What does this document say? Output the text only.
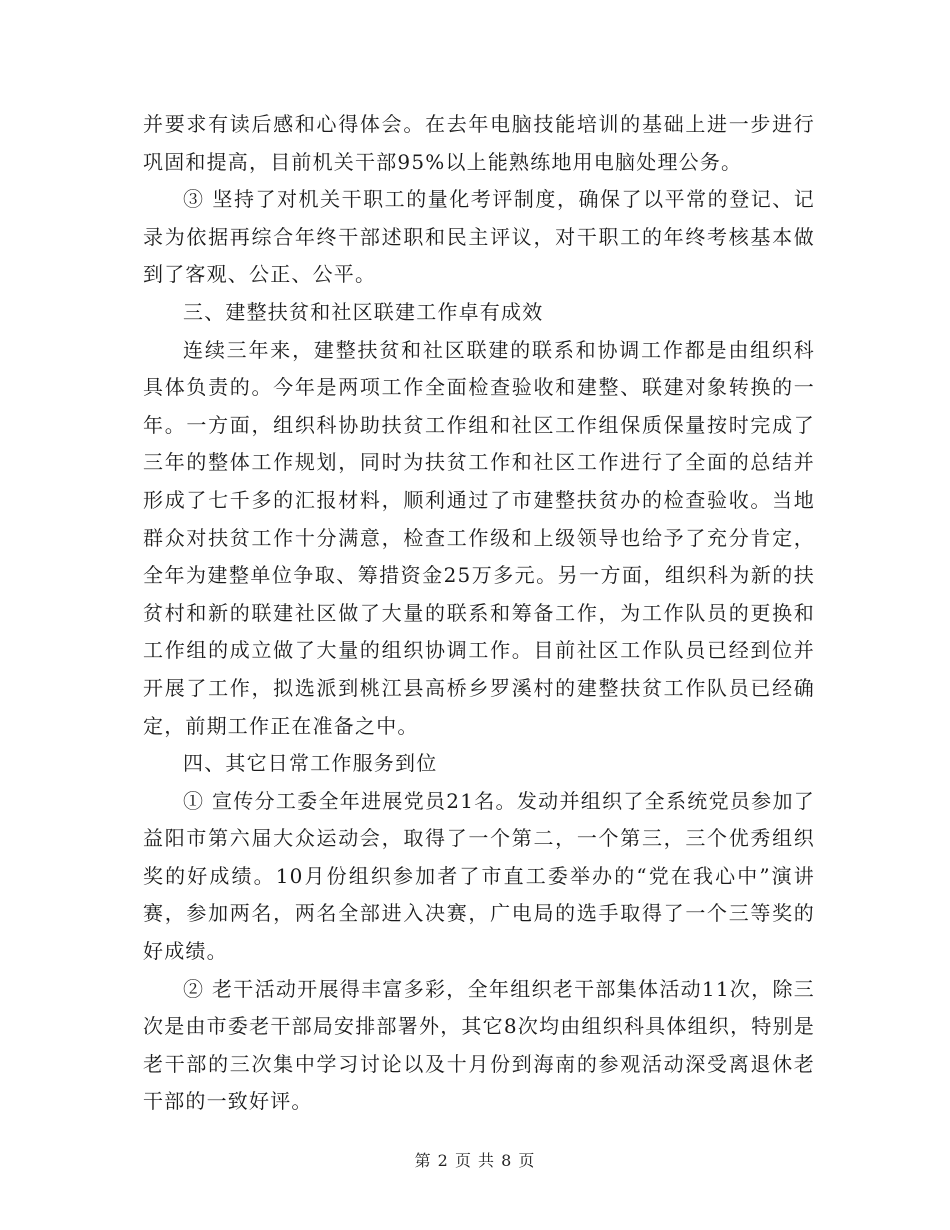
并要求有读后感和心得体会。在去年电脑技能培训的基础上进一步进行巩固和提高，目前机关干部95%以上能熟练地用电脑处理公务。

③ 坚持了对机关干职工的量化考评制度，确保了以平常的登记、记录为依据再综合年终干部述职和民主评议，对干职工的年终考核基本做到了客观、公正、公平。

三、建整扶贫和社区联建工作卓有成效

连续三年来，建整扶贫和社区联建的联系和协调工作都是由组织科具体负责的。今年是两项工作全面检查验收和建整、联建对象转换的一年。一方面，组织科协助扶贫工作组和社区工作组保质保量按时完成了三年的整体工作规划，同时为扶贫工作和社区工作进行了全面的总结并形成了七千多的汇报材料，顺利通过了市建整扶贫办的检查验收。当地群众对扶贫工作十分满意，检查工作级和上级领导也给予了充分肯定，全年为建整单位争取、筹措资金25万多元。另一方面，组织科为新的扶贫村和新的联建社区做了大量的联系和筹备工作，为工作队员的更换和工作组的成立做了大量的组织协调工作。目前社区工作队员已经到位并开展了工作，拟选派到桃江县高桥乡罗溪村的建整扶贫工作队员已经确定，前期工作正在准备之中。

四、其它日常工作服务到位

① 宣传分工委全年进展党员21名。发动并组织了全系统党员参加了益阳市第六届大众运动会，取得了一个第二，一个第三，三个优秀组织奖的好成绩。10月份组织参加者了市直工委举办的“党在我心中”演讲赛，参加两名，两名全部进入决赛，广电局的选手取得了一个三等奖的好成绩。

② 老干活动开展得丰富多彩，全年组织老干部集体活动11次，除三次是由市委老干部局安排部署外，其它8次均由组织科具体组织，特别是老干部的三次集中学习讨论以及十月份到海南的参观活动深受离退休老干部的一致好评。

第 2 页 共 8 页
